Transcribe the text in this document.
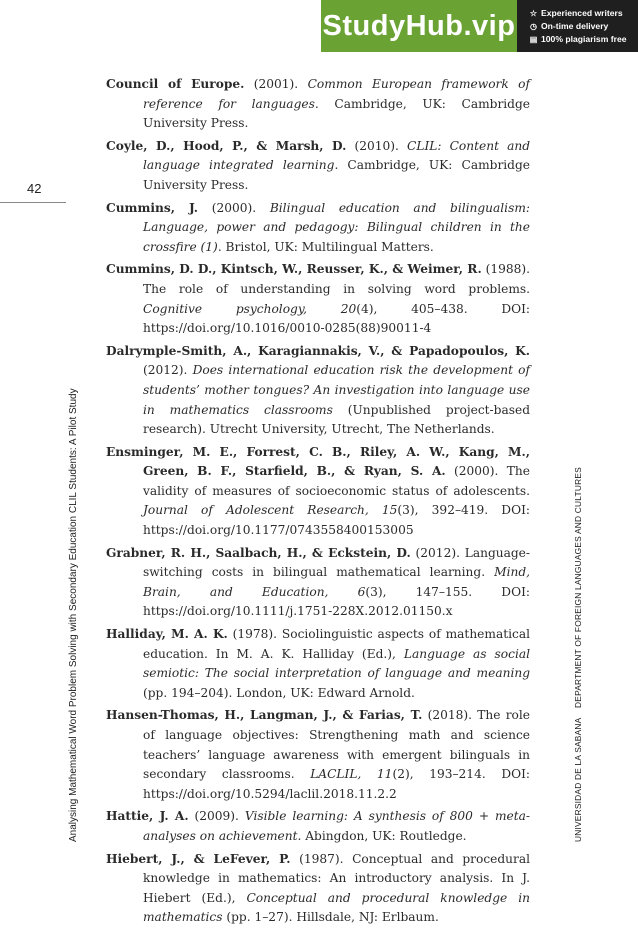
StudyHub.vip ☆ Experienced writers
◷ On-time delivery
▤ 100% plagiarism free
42
Analysing Mathematical Word Problem Solving with Secondary Education CLIL Students: A Pilot Study	UNIVERSIDAD DE LA SABANA    DEPARTMENT OF FOREIGN LANGUAGES AND CULTURES

Council of Europe. (2001). Common European framework of reference for languages. Cambridge, UK: Cambridge University Press.

Coyle, D., Hood, P., & Marsh, D. (2010). CLIL: Content and language integrated learning. Cambridge, UK: Cambridge University Press.

Cummins, J. (2000). Bilingual education and bilingualism: Language, power and pedagogy: Bilingual children in the crossfire (1). Bristol, UK: Multilingual Matters.

Cummins, D. D., Kintsch, W., Reusser, K., & Weimer, R. (1988). The role of understanding in solving word problems. Cognitive psychology, 20(4), 405–438. DOI: https://doi.org/10.1016/0010-0285(88)90011-4

Dalrymple-Smith, A., Karagiannakis, V., & Papadopoulos, K. (2012). Does international education risk the development of students’ mother tongues? An investigation into language use in mathematics classrooms (Unpublished project-based research). Utrecht University, Utrecht, The Netherlands.

Ensminger, M. E., Forrest, C. B., Riley, A. W., Kang, M., Green, B. F., Starfield, B., & Ryan, S. A. (2000). The validity of measures of socioeconomic status of adolescents. Journal of Adolescent Research, 15(3), 392–419. DOI: https://doi.org/10.1177/0743558400153005

Grabner, R. H., Saalbach, H., & Eckstein, D. (2012). Language-switching costs in bilingual mathematical learning. Mind, Brain, and Education, 6(3), 147–155. DOI: https://doi.org/10.1111/j.1751-228X.2012.01150.x

Halliday, M. A. K. (1978). Sociolinguistic aspects of mathematical education. In M. A. K. Halliday (Ed.), Language as social semiotic: The social interpretation of language and meaning (pp. 194–204). London, UK: Edward Arnold.

Hansen-Thomas, H., Langman, J., & Farias, T. (2018). The role of language objectives: Strengthening math and science teachers’ language awareness with emergent bilinguals in secondary classrooms. LACLIL, 11(2), 193–214. DOI: https://doi.org/10.5294/laclil.2018.11.2.2

Hattie, J. A. (2009). Visible learning: A synthesis of 800 + meta-analyses on achievement. Abingdon, UK: Routledge.

Hiebert, J., & LeFever, P. (1987). Conceptual and procedural knowledge in mathematics: An introductory analysis. In J. Hiebert (Ed.), Conceptual and procedural knowledge in mathematics (pp. 1–27). Hillsdale, NJ: Erlbaum.
